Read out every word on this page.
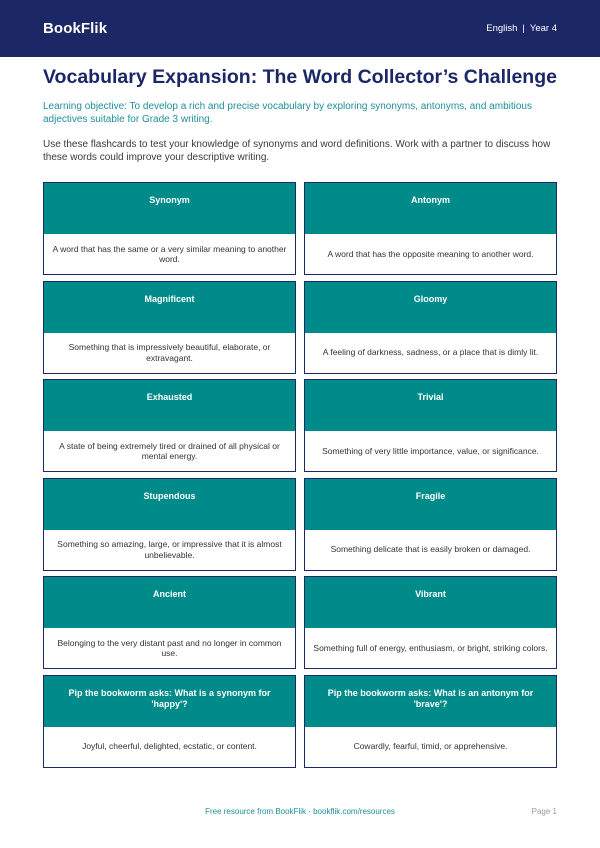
BookFlik	English | Year 4
Vocabulary Expansion: The Word Collector’s Challenge

Learning objective: To develop a rich and precise vocabulary by exploring synonyms, antonyms, and ambitious adjectives suitable for Grade 3 writing.

Use these flashcards to test your knowledge of synonyms and word definitions. Work with a partner to discuss how these words could improve your descriptive writing.

Synonym
A word that has the same or a very similar meaning to another word.
Antonym
A word that has the opposite meaning to another word.
Magnificent
Something that is impressively beautiful, elaborate, or extravagant.
Gloomy
A feeling of darkness, sadness, or a place that is dimly lit.
Exhausted
A state of being extremely tired or drained of all physical or mental energy.
Trivial
Something of very little importance, value, or significance.
Stupendous
Something so amazing, large, or impressive that it is almost unbelievable.
Fragile
Something delicate that is easily broken or damaged.
Ancient
Belonging to the very distant past and no longer in common use.
Vibrant
Something full of energy, enthusiasm, or bright, striking colors.
Pip the bookworm asks: What is a synonym for 'happy'?
Joyful, cheerful, delighted, ecstatic, or content.
Pip the bookworm asks: What is an antonym for 'brave'?
Cowardly, fearful, timid, or apprehensive.
Free resource from BookFlik · bookflik.com/resources	Page 1
